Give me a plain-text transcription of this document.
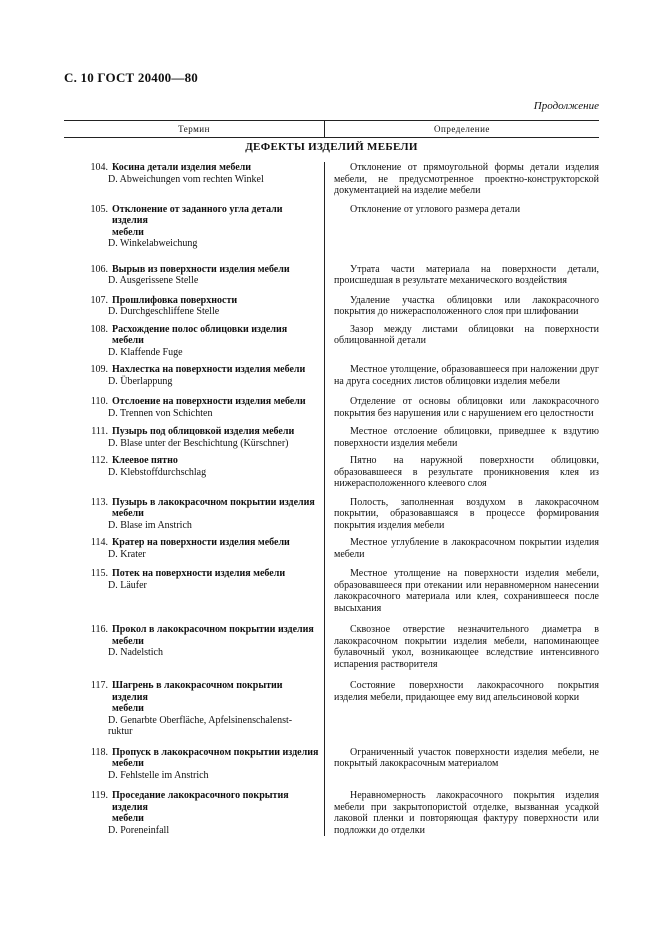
С. 10 ГОСТ 20400—80
Продолжение
Термин	Определение
ДЕФЕКТЫ ИЗДЕЛИЙ МЕБЕЛИ
104. Косина детали изделия мебели
D. Abweichungen vom rechten Winkel
Отклонение от прямоугольной формы детали изделия мебели, не предусмотренное проектно-конструкторской документацией на изделие мебели
105. Отклонение от заданного угла детали изделия
мебели
D. Winkelabweichung
Отклонение от углового размера детали
106. Вырыв из поверхности изделия мебели
D. Ausgerissene Stelle
Утрата части материала на поверхности детали, происшедшая в результате механического воздействия
107. Прошлифовка поверхности
D. Durchgeschliffene Stelle
Удаление участка облицовки или лакокрасочного покрытия до нижерасположенного слоя при шлифовании
108. Расхождение полос облицовки изделия мебели
D. Klaffende Fuge
Зазор между листами облицовки на поверхности облицованной детали
109. Нахлестка на поверхности изделия мебели
D. Überlappung
Местное утолщение, образовавшееся при наложении друг на друга соседних листов облицовки изделия мебели
110. Отслоение на поверхности изделия мебели
D. Trennen von Schichten
Отделение от основы облицовки или лакокрасочного покрытия без нарушения или с нарушением его целостности
111. Пузырь под облицовкой изделия мебели
D. Blase unter der Beschichtung (Kürschner)
Местное отслоение облицовки, приведшее к вздутию поверхности изделия мебели
112. Клеевое пятно
D. Klebstoffdurchschlag
Пятно на наружной поверхности облицовки, образовавшееся в результате проникновения клея из нижерасположенного клеевого слоя
113. Пузырь в лакокрасочном покрытии изделия
мебели
D. Blase im Anstrich
Полость, заполненная воздухом в лакокрасочном покрытии, образовавшаяся в процессе формирования покрытия изделия мебели
114. Кратер на поверхности изделия мебели
D. Krater
Местное углубление в лакокрасочном покрытии изделия мебели
115. Потек на поверхности изделия мебели
D. Läufer
Местное утолщение на поверхности изделия мебели, образовавшееся при отекании или неравномерном нанесении лакокрасочного материала или клея, сохранившееся после высыхания
116. Прокол в лакокрасочном покрытии изделия
мебели
D. Nadelstich
Сквозное отверстие незначительного диаметра в лакокрасочном покрытии изделия мебели, напоминающее булавочный укол, возникающее вследствие интенсивного испарения растворителя
117. Шагрень в лакокрасочном покрытии изделия
мебели
D. Genarbte Oberfläche, Apfelsinenschalenst-
ruktur
Состояние поверхности лакокрасочного покрытия изделия мебели, придающее ему вид апельсиновой корки
118. Пропуск в лакокрасочном покрытии изделия
мебели
D. Fehlstelle im Anstrich
Ограниченный участок поверхности изделия мебели, не покрытый лакокрасочным материалом
119. Проседание лакокрасочного покрытия изделия
мебели
D. Poreneinfall
Неравномерность лакокрасочного покрытия изделия мебели при закрытопористой отделке, вызванная усадкой лаковой пленки и повторяющая фактуру поверхности или подложки до отделки
